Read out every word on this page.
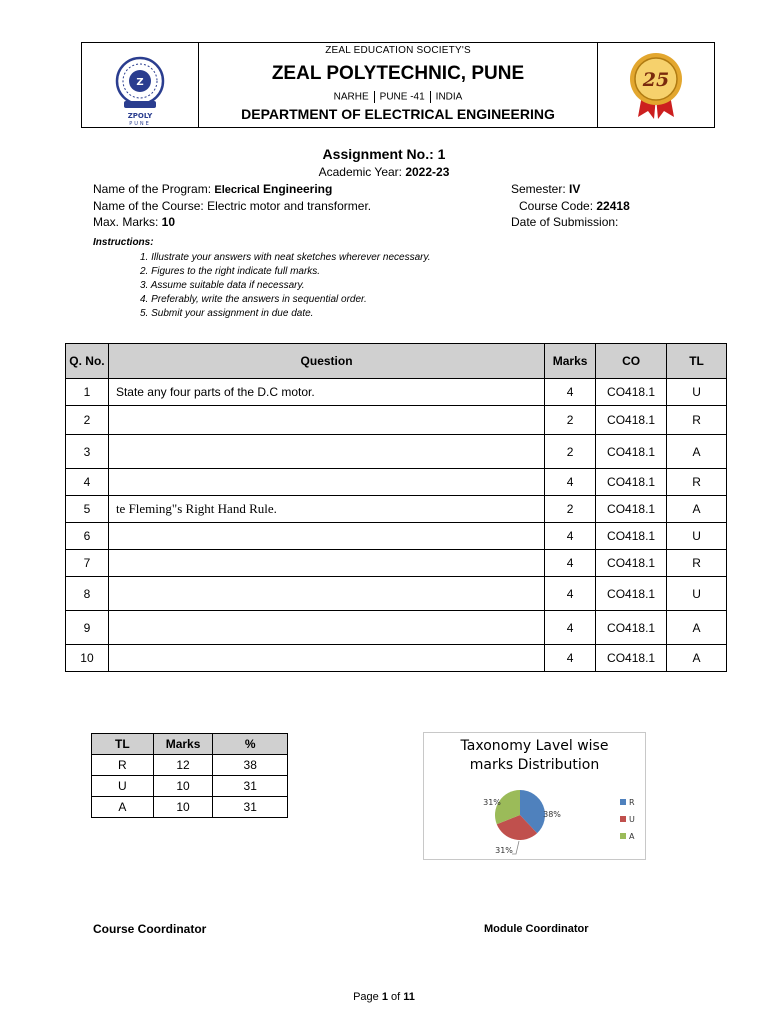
Z
ZPOLY
PUNE
ZEAL EDUCATION SOCIETY'S
ZEAL POLYTECHNIC, PUNE
NARHE PUNE -41 INDIA
DEPARTMENT OF ELECTRICAL ENGINEERING
25
Assignment No.: 1
Academic Year: 2022-23
Name of the Program: Elecrical Engineering	Semester: IV
Name of the Course: Electric motor and transformer.	Course Code: 22418
Max. Marks: 10	Date of Submission:
Instructions:
1. Illustrate your answers with neat sketches wherever necessary.
2. Figures to the right indicate full marks.
3. Assume suitable data if necessary.
4. Preferably, write the answers in sequential order.
5. Submit your assignment in due date.
Q. No.	Question	Marks	CO	TL
1	State any four parts of the D.C motor.	4	CO418.1	U
2		2	CO418.1	R
3		2	CO418.1	A
4		4	CO418.1	R
5	te Fleming"s Right Hand Rule.	2	CO418.1	A
6		4	CO418.1	U
7		4	CO418.1	R
8		4	CO418.1	U
9		4	CO418.1	A
10		4	CO418.1	A
TL	Marks	%
R	12	38
U	10	31
A	10	31
Taxonomy Lavel wise
marks Distribution
38%
31%
31%	R
U
A
Course Coordinator	Module Coordinator
Page 1 of 11
